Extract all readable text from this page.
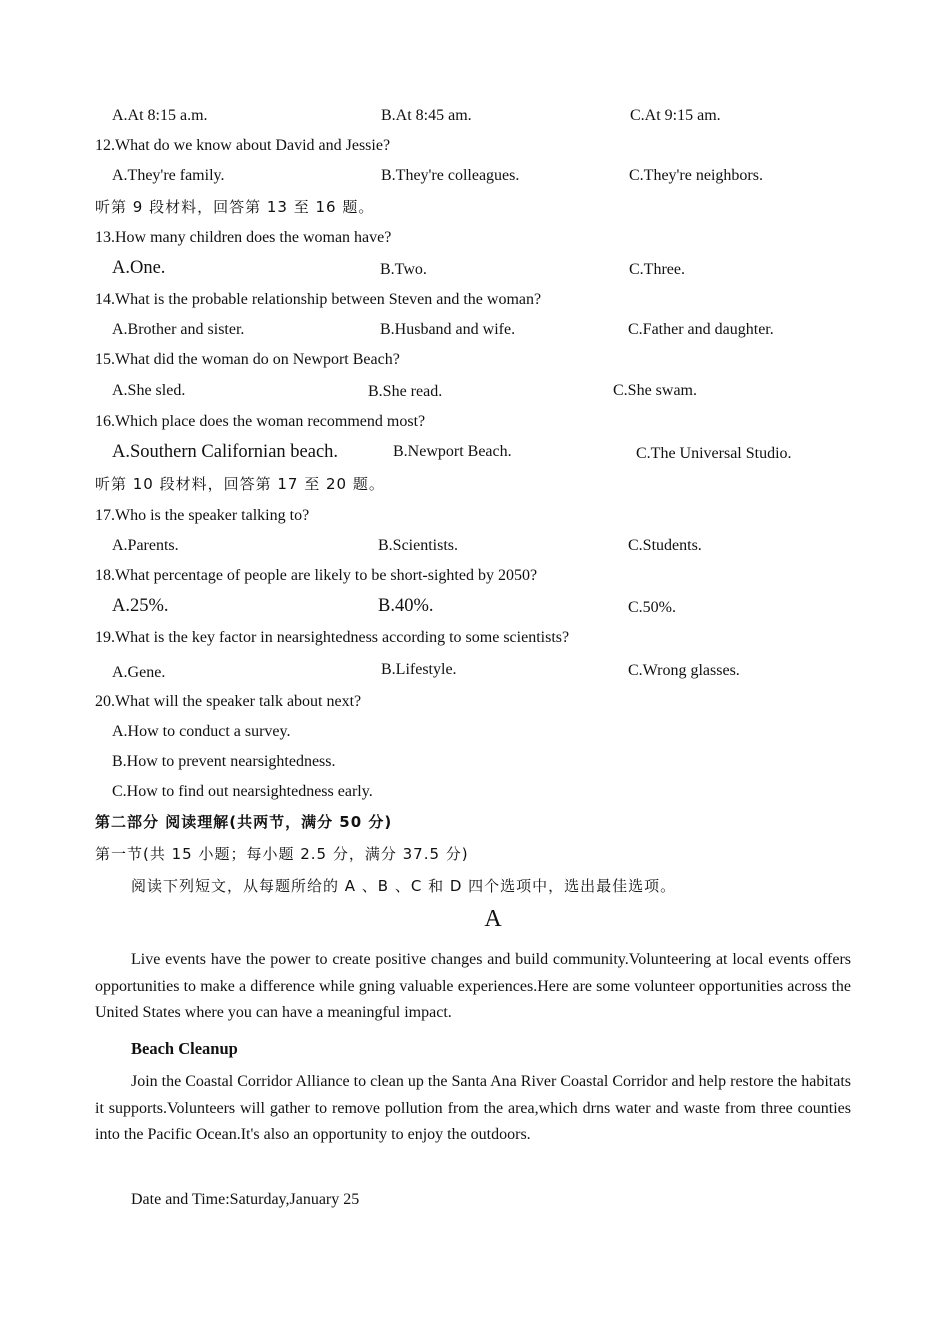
A.At 8:15 a.m.	B.At 8:45 am.	C.At 9:15 am.
12.What do we know about David and Jessie?
A.They're family.	B.They're colleagues.	C.They're neighbors.
听第 9 段材料，回答第 13 至 16 题。
13.How many children does the woman have?
A.One.	B.Two.	C.Three.
14.What is the probable relationship between Steven and the woman?
A.Brother and sister.	B.Husband and wife.	C.Father and daughter.
15.What did the woman do on Newport Beach?
A.She sled.	B.She read.	C.She swam.
16.Which place does the woman recommend most?
A.Southern Californian beach.	B.Newport Beach.	C.The Universal Studio.
听第 10 段材料，回答第 17 至 20 题。
17.Who is the speaker talking to?
A.Parents.	B.Scientists.	C.Students.
18.What percentage of people are likely to be short-sighted by 2050?
A.25%.	B.40%.	C.50%.
19.What is the key factor in nearsightedness according to some scientists?
A.Gene.	B.Lifestyle.	C.Wrong glasses.
20.What will the speaker talk about next?
A.How to conduct a survey.
B.How to prevent nearsightedness.
C.How to find out nearsightedness early.
第二部分 阅读理解(共两节，满分 50 分)
第一节(共 15 小题；每小题 2.5 分，满分 37.5 分)
阅读下列短文，从每题所给的 A 、B 、C 和 D 四个选项中，选出最佳选项。
A
Live events have the power to create positive changes and build community.Volunteering at local events offers opportunities to make a difference while gning valuable experiences.Here are some volunteer opportunities across the United States where you can have a meaningful impact.
Beach Cleanup
Join the Coastal Corridor Alliance to clean up the Santa Ana River Coastal Corridor and help restore the habitats it supports.Volunteers will gather to remove pollution from the area,which drns water and waste from three counties into the Pacific Ocean.It's also an opportunity to enjoy the outdoors.
Date and Time:Saturday,January 25
